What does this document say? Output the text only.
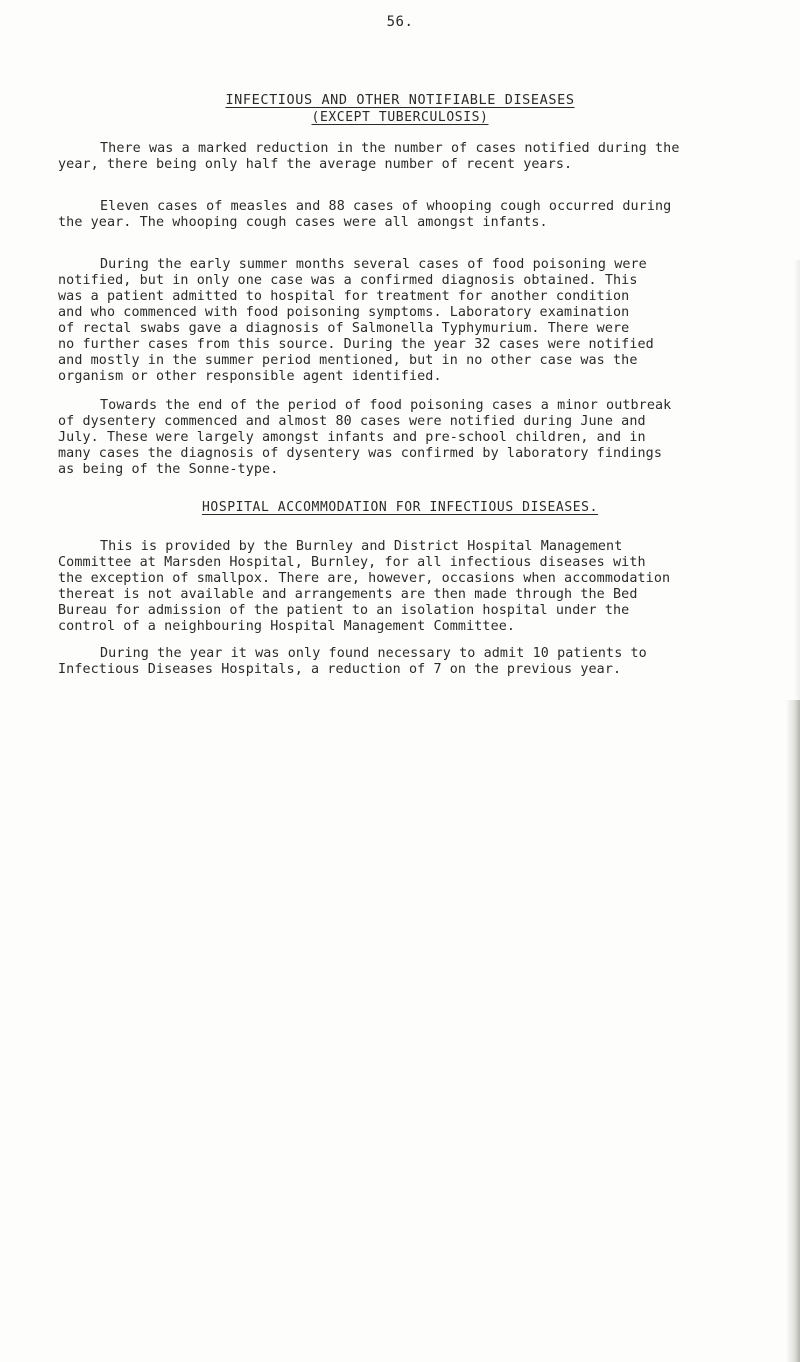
56.
INFECTIOUS AND OTHER NOTIFIABLE DISEASES
(EXCEPT TUBERCULOSIS)
There was a marked reduction in the number of cases notified during the
year, there being only half the average number of recent years.
Eleven cases of measles and 88 cases of whooping cough occurred during
the year. The whooping cough cases were all amongst infants.
During the early summer months several cases of food poisoning were
notified, but in only one case was a confirmed diagnosis obtained. This
was a patient admitted to hospital for treatment for another condition
and who commenced with food poisoning symptoms. Laboratory examination
of rectal swabs gave a diagnosis of Salmonella Typhymurium. There were
no further cases from this source. During the year 32 cases were notified
and mostly in the summer period mentioned, but in no other case was the
organism or other responsible agent identified.
Towards the end of the period of food poisoning cases a minor outbreak
of dysentery commenced and almost 80 cases were notified during June and
July. These were largely amongst infants and pre-school children, and in
many cases the diagnosis of dysentery was confirmed by laboratory findings
as being of the Sonne-type.
HOSPITAL ACCOMMODATION FOR INFECTIOUS DISEASES.
This is provided by the Burnley and District Hospital Management
Committee at Marsden Hospital, Burnley, for all infectious diseases with
the exception of smallpox. There are, however, occasions when accommodation
thereat is not available and arrangements are then made through the Bed
Bureau for admission of the patient to an isolation hospital under the
control of a neighbouring Hospital Management Committee.
During the year it was only found necessary to admit 10 patients to
Infectious Diseases Hospitals, a reduction of 7 on the previous year.
